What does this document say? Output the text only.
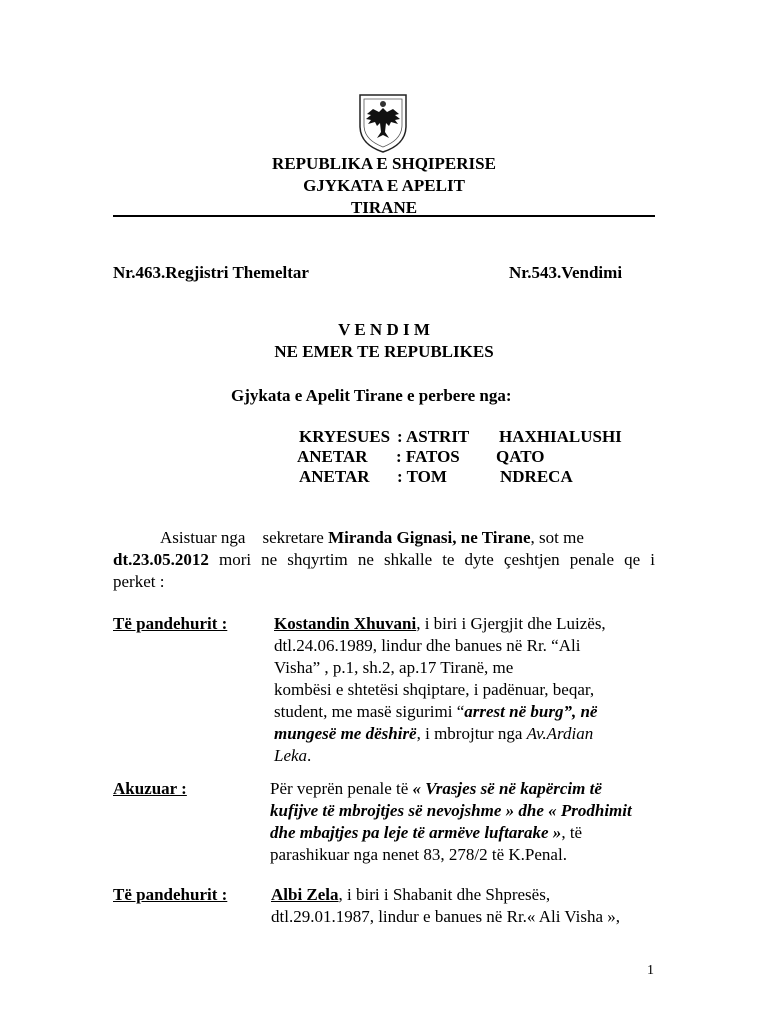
REPUBLIKA E SHQIPERISE
GJYKATA E APELIT
TIRANE
Nr.463.Regjistri Themeltar	Nr.543.Vendimi
V E N D I M
NE EMER TE REPUBLIKES
Gjykata e Apelit Tirane e perbere nga:
KRYESUES : ASTRIT HAXHIALUSHI
ANETAR : FATOS QATO
ANETAR : TOM	NDRECA
Asistuar nga sekretare Miranda Gignasi, ne Tirane, sot me
dt.23.05.2012 mori ne shqyrtim ne shkalle te dyte çeshtjen penale qe i
perket :
Të pandehurit :	Kostandin Xhuvani, i biri i Gjergjit dhe Luizës,
dtl.24.06.1989, lindur dhe banues në Rr. “Ali
Visha” , p.1, sh.2, ap.17 Tiranë, me
kombësi e shtetësi shqiptare, i padënuar, beqar,
student, me masë sigurimi “arrest në burg”, në
mungesë me dëshirë, i mbrojtur nga Av.Ardian
Leka.
Akuzuar :	Për veprën penale të « Vrasjes së në kapërcim të
kufijve të mbrojtjes së nevojshme » dhe « Prodhimit
dhe mbajtjes pa leje të armëve luftarake », të
parashikuar nga nenet 83, 278/2 të K.Penal.
Të pandehurit :	Albi Zela, i biri i Shabanit dhe Shpresës,
dtl.29.01.1987, lindur e banues në Rr.« Ali Visha »,
1
